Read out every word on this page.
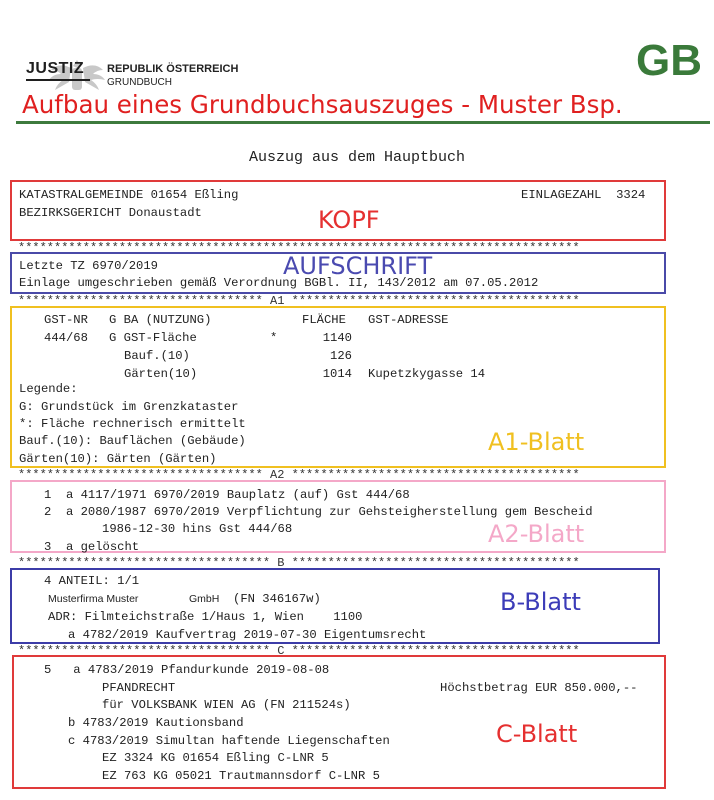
JUSTIZ REPUBLIK ÖSTERREICH
GRUNDBUCH	GB
Aufbau eines Grundbuchsauszuges - Muster Bsp.
Auszug aus dem Hauptbuch
KATASTRALGEMEINDE 01654 Eßling	EINLAGEZAHL  3324
BEZIRKSGERICHT Donaustadt	KOPF
******************************************************************************
Letzte TZ 6970/2019
Einlage umgeschrieben gemäß Verordnung BGBl. II, 143/2012 am 07.05.2012
AUFSCHRIFT
********************************** A1 ****************************************
GST-NR G BA (NUTZUNG)	FLÄCHE GST-ADRESSE
444/68 G GST-Fläche	*	1140
Bauf.(10)	126
Gärten(10)	1014 Kupetzkygasse 14
Legende:
G: Grundstück im Grenzkataster
*: Fläche rechnerisch ermittelt
Bauf.(10): Bauflächen (Gebäude)
Gärten(10): Gärten (Gärten)
A1-Blatt
********************************** A2 ****************************************
1  a 4117/1971 6970/2019 Bauplatz (auf) Gst 444/68
2  a 2080/1987 6970/2019 Verpflichtung zur Gehsteigherstellung gem Bescheid
1986-12-30 hins Gst 444/68
3  a gelöscht	A2-Blatt
*********************************** B ****************************************
4 ANTEIL: 1/1
Musterfirma Muster	GmbH (FN 346167w)
ADR: Filmteichstraße 1/Haus 1, Wien    1100
a 4782/2019 Kaufvertrag 2019-07-30 Eigentumsrecht
B-Blatt
*********************************** C ****************************************
5   a 4783/2019 Pfandurkunde 2019-08-08
PFANDRECHT	Höchstbetrag EUR 850.000,--
für VOLKSBANK WIEN AG (FN 211524s)
b 4783/2019 Kautionsband
c 4783/2019 Simultan haftende Liegenschaften
EZ 3324 KG 01654 Eßling C-LNR 5
EZ 763 KG 05021 Trautmannsdorf C-LNR 5
C-Blatt
